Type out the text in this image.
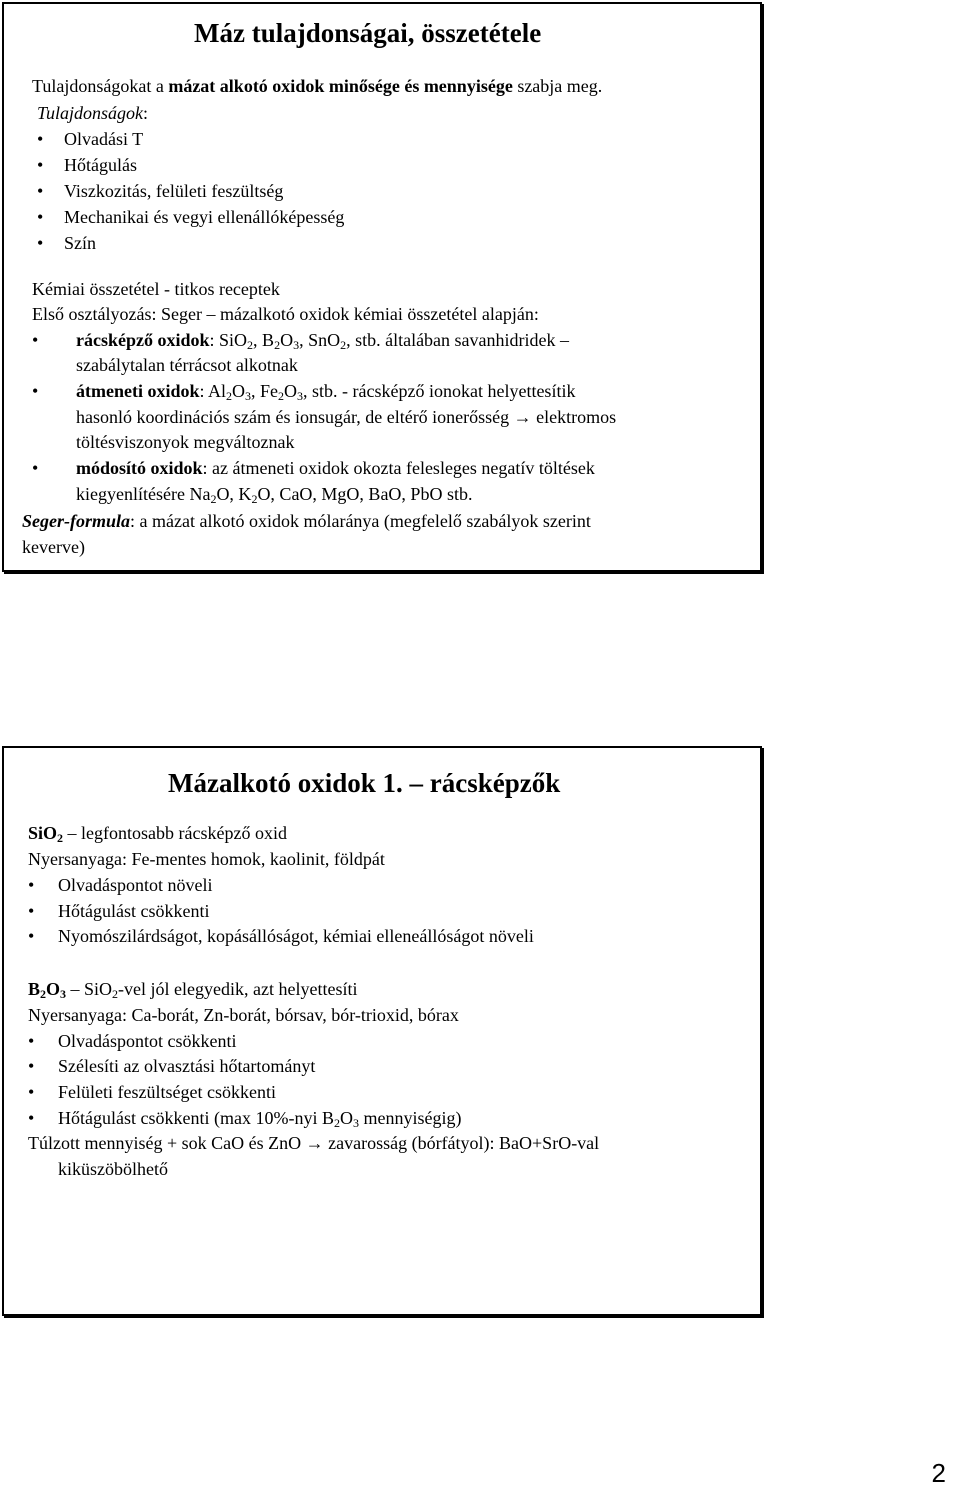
Máz tulajdonságai, összetétele
Tulajdonságokat a mázat alkotó oxidok minősége és mennyisége szabja meg.
Tulajdonságok:
• Olvadási T
• Hőtágulás
• Viszkozitás, felületi feszültség
• Mechanikai és vegyi ellenállóképesség
• Szín
Kémiai összetétel - titkos receptek
Első osztályozás: Seger – mázalkotó oxidok kémiai összetétel alapján:
• rácsképző oxidok: SiO$_2$, $B_2O_3$, SnO$_2$, stb. általában savanhidridek –
szabálytalan térrácsot alkotnak
• átmeneti oxidok: $Al_2O_3$, $Fe_2O_3$, stb. - rácsképző ionokat helyettesítik
hasonló koordinációs szám és ionsugár, de eltérő ionerősség → elektromos
töltésviszonyok megváltoznak
• módosító oxidok: az átmeneti oxidok okozta felesleges negatív töltések
kiegyenlítésére $Na_2O$, $K_2O$, CaO, MgO, BaO, PbO stb.
Seger-formula: a mázat alkotó oxidok mólaránya (megfelelő szabályok szerint
keverve)
Mázalkotó oxidok 1. – rácsképzők
SiO$_2$ – legfontosabb rácsképző oxid
Nyersanyaga: Fe-mentes homok, kaolinit, földpát
• Olvadáspontot növeli
• Hőtágulást csökkenti
• Nyomószilárdságot, kopásállóságot, kémiai elleneállóságot növeli
$B_2O_3 - SiO_2-vel$ jól elegyedik, azt helyettesíti
Nyersanyaga: Ca-borát, Zn-borát, bórsav, bór-trioxid, bórax
• Olvadáspontot csökkenti
• Szélesíti az olvasztási hőtartományt
• Felületi feszültséget csökkenti
• Hőtágulást csökkenti (max 10%-nyi $B_2O_3$ mennyiségig)
Túlzott mennyiség + sok CaO és ZnO → zavarosság (bórfátyol): BaO+SrO-val
kiküszöbölhető
2
